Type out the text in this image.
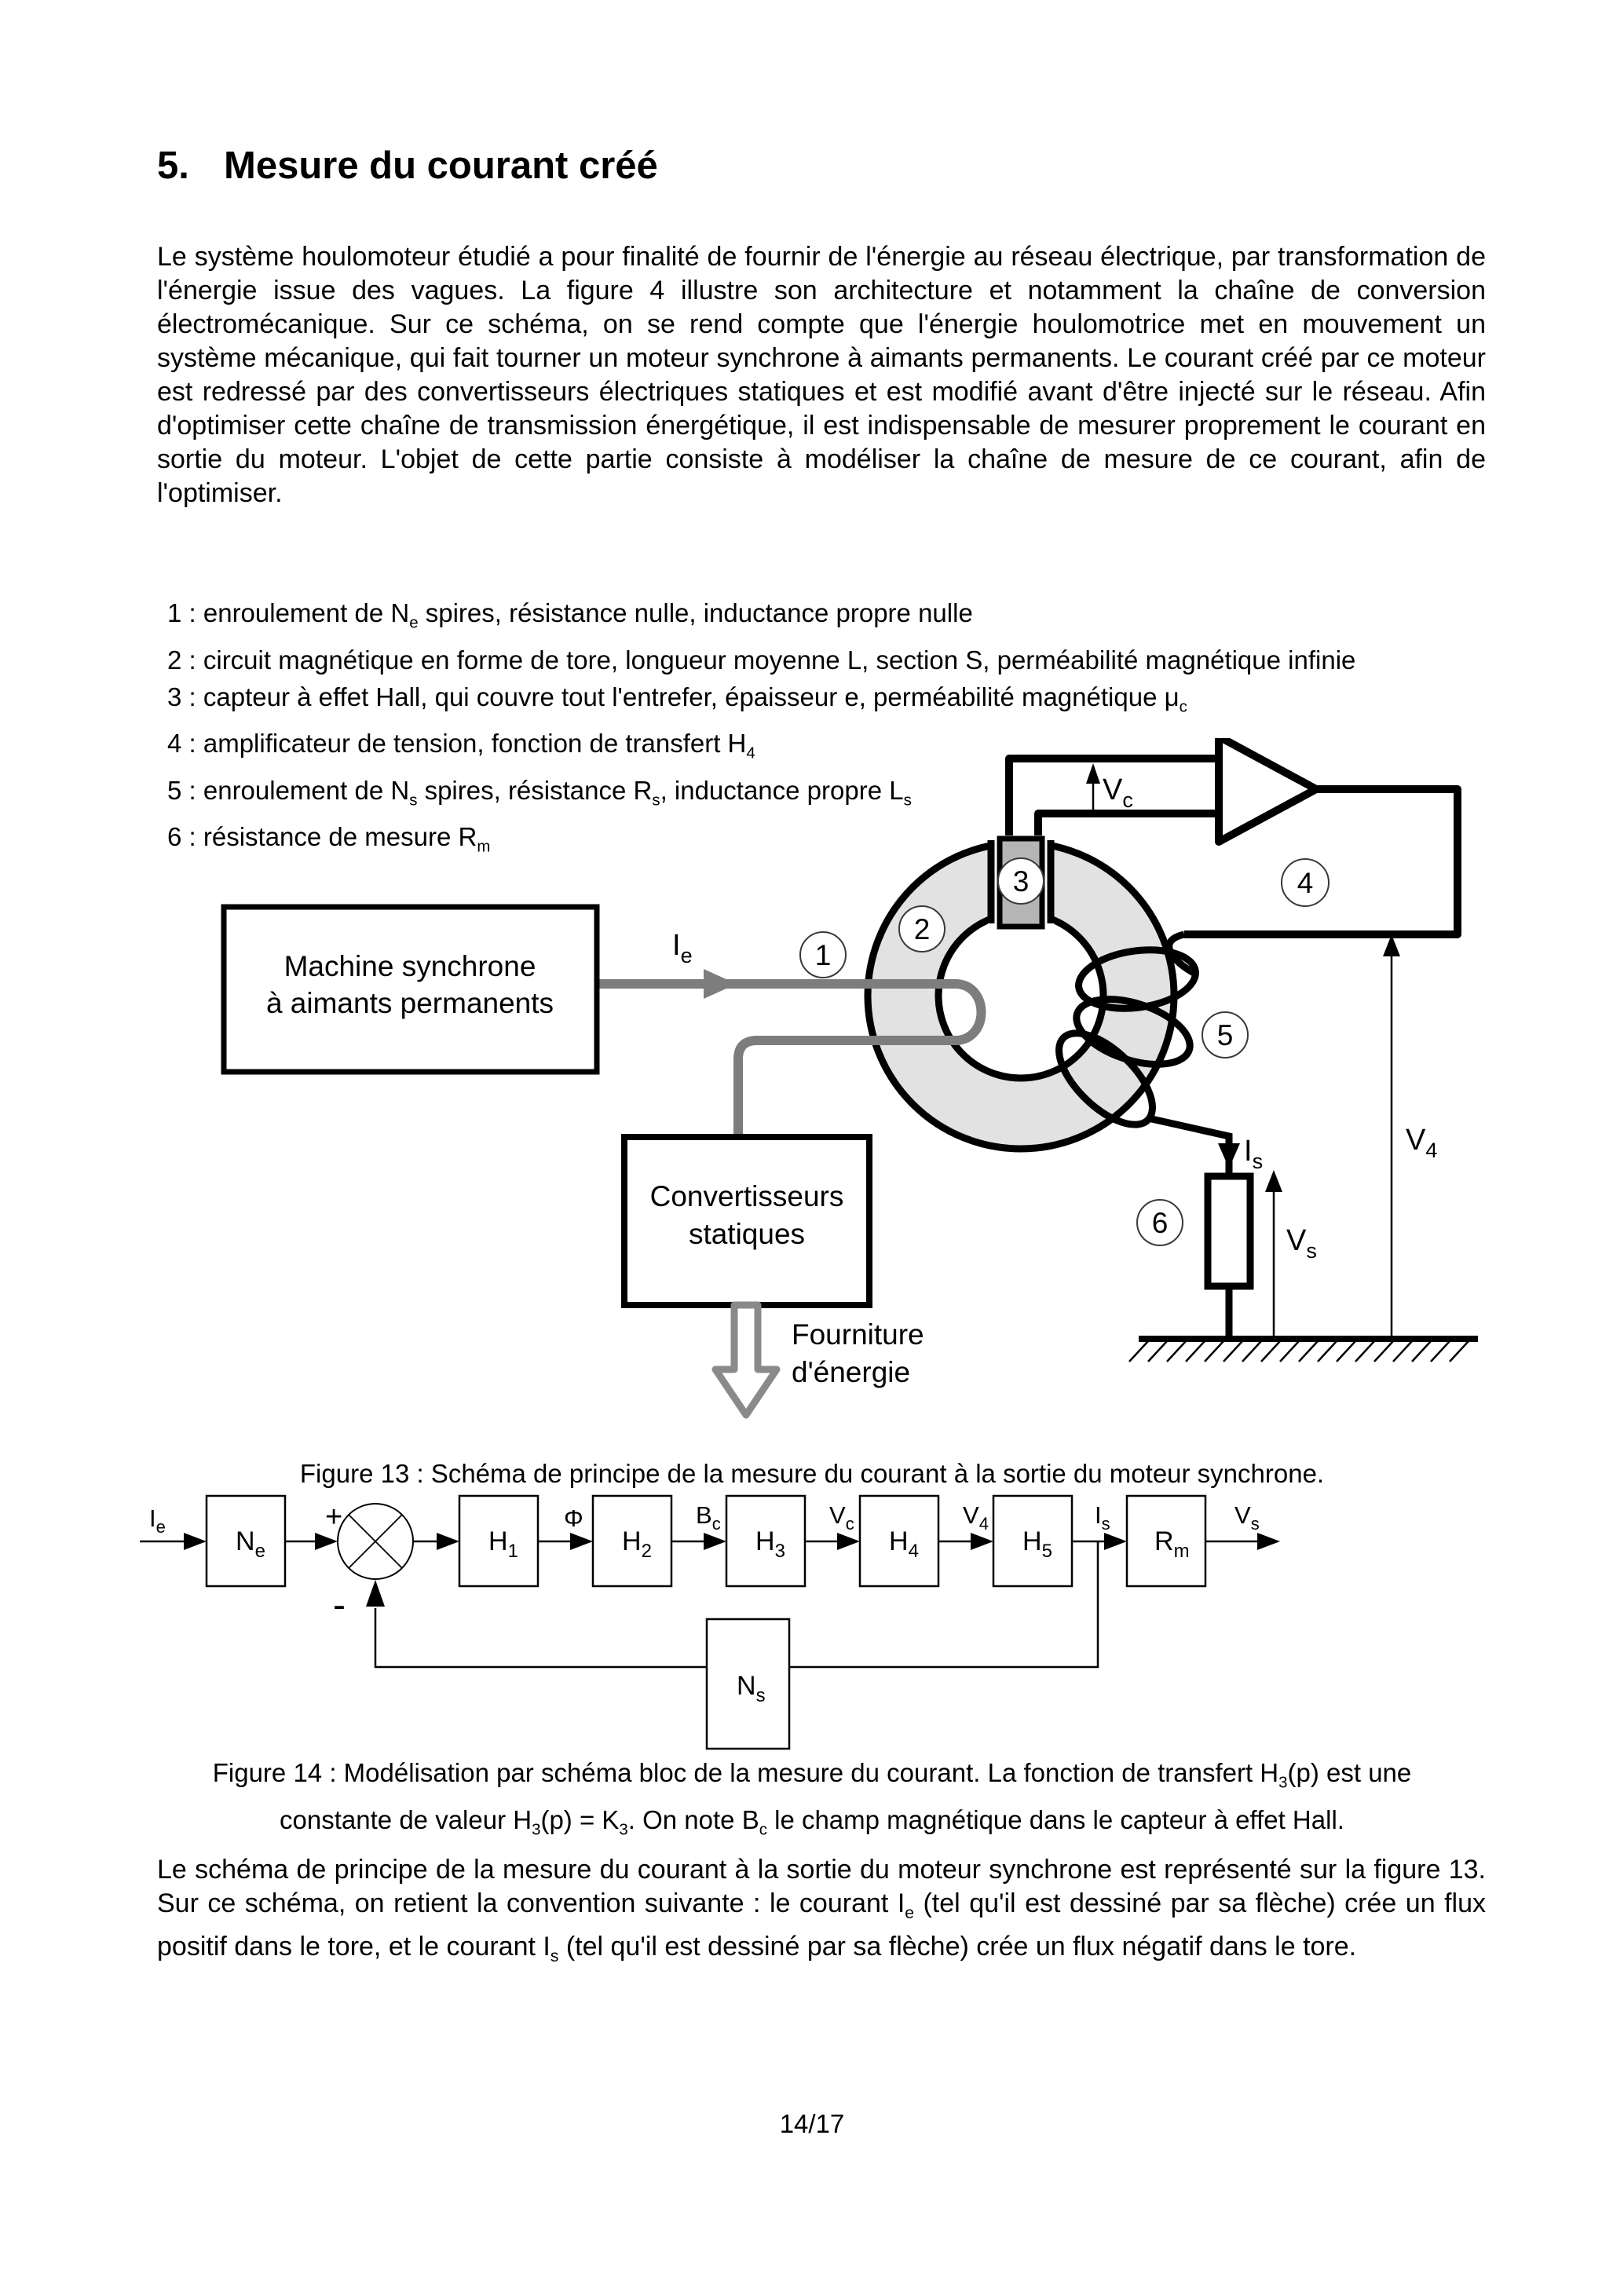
5. Mesure du courant créé
Le système houlomoteur étudié a pour finalité de fournir de l'énergie au réseau électrique, par transformation de l'énergie issue des vagues. La figure 4 illustre son architecture et notamment la chaîne de conversion électromécanique. Sur ce schéma, on se rend compte que l'énergie houlomotrice met en mouvement un système mécanique, qui fait tourner un moteur synchrone à aimants permanents. Le courant créé par ce moteur est redressé par des convertisseurs électriques statiques et est modifié avant d'être injecté sur le réseau. Afin d'optimiser cette chaîne de transmission énergétique, il est indispensable de mesurer proprement le courant en sortie du moteur. L'objet de cette partie consiste à modéliser la chaîne de mesure de ce courant, afin de l'optimiser.
1 : enroulement de $N_e$ spires, résistance nulle, inductance propre nulle
2 : circuit magnétique en forme de tore, longueur moyenne L, section S, perméabilité magnétique infinie
3 : capteur à effet Hall, qui couvre tout l'entrefer, épaisseur e, perméabilité magnétique $\mu_c$
4 : amplificateur de tension, fonction de transfert $H_4$
5 : enroulement de $N_s$ spires, résistance $R_s$, inductance propre $L_s$
6 : résistance de mesure $R_m$
$V_c$
$I_e$
Machine synchrone
à aimants permanents
$I_s$
$V_s$
$V_4$
Convertisseurs
statiques
Fourniture
d'énergie
1
2
3	4
5
6
Figure 13 : Schéma de principe de la mesure du courant à la sortie du moteur synchrone.
+
-
$N_e$	$H_1$	$H_2$	$H_3$	$H_4$	$H_5$	$R_m$
$N_s$
$I_e$	Φ	$B_c$	$V_c$	$V_4$	$I_s$	$V_s$
Figure 14 : Modélisation par schéma bloc de la mesure du courant. La fonction de transfert $H_3(p)$ est une
constante de valeur $H_3(p) = K_3$. On note $B_c$ le champ magnétique dans le capteur à effet Hall.
Le schéma de principe de la mesure du courant à la sortie du moteur synchrone est représenté sur la figure 13. Sur ce schéma, on retient la convention suivante : le courant $I_e$ (tel qu'il est dessiné par sa flèche) crée un flux positif dans le tore, et le courant $I_s$ (tel qu'il est dessiné par sa flèche) crée un flux négatif dans le tore.
14/17
